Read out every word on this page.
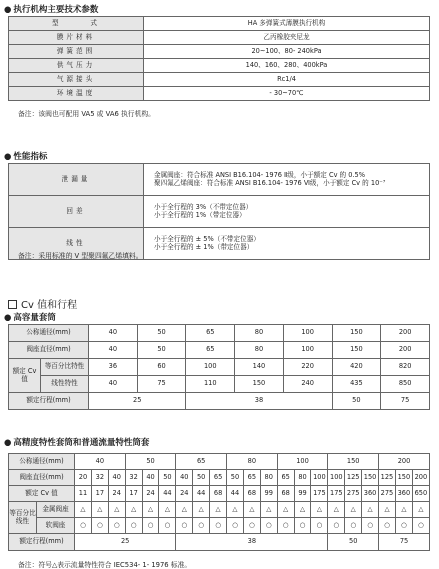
● 执行机构主要技术参数
型　　　式	HA 多弹簧式薄膜执行机构
膜片材料	乙丙橡胶夹尼龙
弹簧范围	20~100、80- 240kPa
供气压力	140、160、280、400kPa
气源接头	Rc1/4
环境温度	- 30~70℃
备注：该阀也可配用 VA5 或 VA6 执行机构。
● 性能指标
泄漏量	金属阀座：符合标准 ANSI B16.104- 1976 Ⅱ级，小于额定 Cv 的 0.5%
聚四氟乙烯阀座：符合标准 ANSI B16.104- 1976 Ⅵ级，小于额定 Cv 的 10⁻⁷

回差	小于全行程的 3%（不带定位器）
小于全行程的 1%（带定位器）

线性	小于全行程的 ± 5%（不带定位器）
小于全行程的 ± 1%（带定位器）
备注：采用标准的 V 型聚四氟乙烯填料。
Cv 值和行程
● 高容量套筒
公称通径(mm)		40	50	65	80	100	150	200
阀座直径(mm)		40	50	65	80	100	150	200
额定 Cv 值	等百分比特性	36	60	100	140	220	420	820
	线性特性	40	75	110	150	240	435	850
额定行程(mm)		25		38			50	75
● 高精度特性套筒和普通流量特性筒套
公称通径(mm)		40			50			65			80			100			150			200		
阀座直径(mm)		20	32	40	32	40	50	40	50	65	50	65	80	65	80	100	100	125	150	125	150	200
额定 Cv 值		11	17	24	17	24	44	24	44	68	44	68	99	68	99	175	175	275	360	275	360	650
等百分比线性	金属阀座	△	△	△	△	△	△	△	△	△	△	△	△	△	△	△	△	△	△	△	△	△
	软阀座	○	○	○	○	○	○	○	○	○	○	○	○	○	○	○	○	○	○	○	○	○
额定行程(mm)		25						38									50			75		
备注：符号△表示流量特性符合 IEC534- 1- 1976 标准。
